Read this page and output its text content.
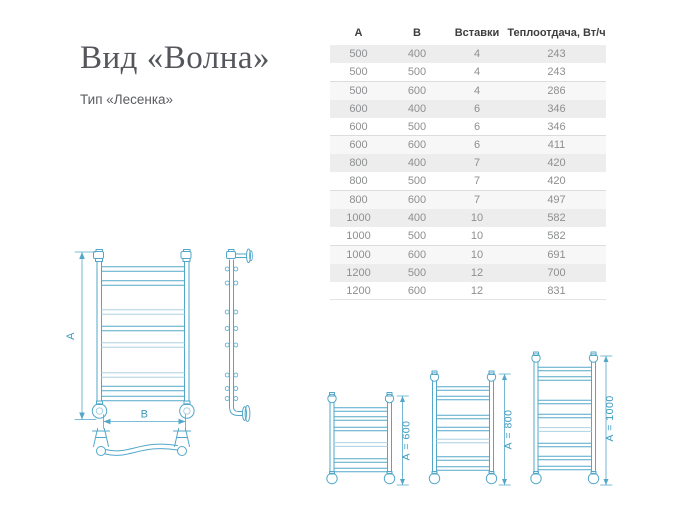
Вид «Волна»
Тип «Лесенка»
А	В	Вставки	Теплоотдача, Вт/ч
500	400	4	243
500	500	4	243
500	600	4	286
600	400	6	346
600	500	6	346
600	600	6	411
800	400	7	420
800	500	7	420
800	600	7	497
1000	400	10	582
1000	500	10	582
1000	600	10	691
1200	500	12	700
1200	600	12	831
А
В
А = 600	А = 800	А = 1000
